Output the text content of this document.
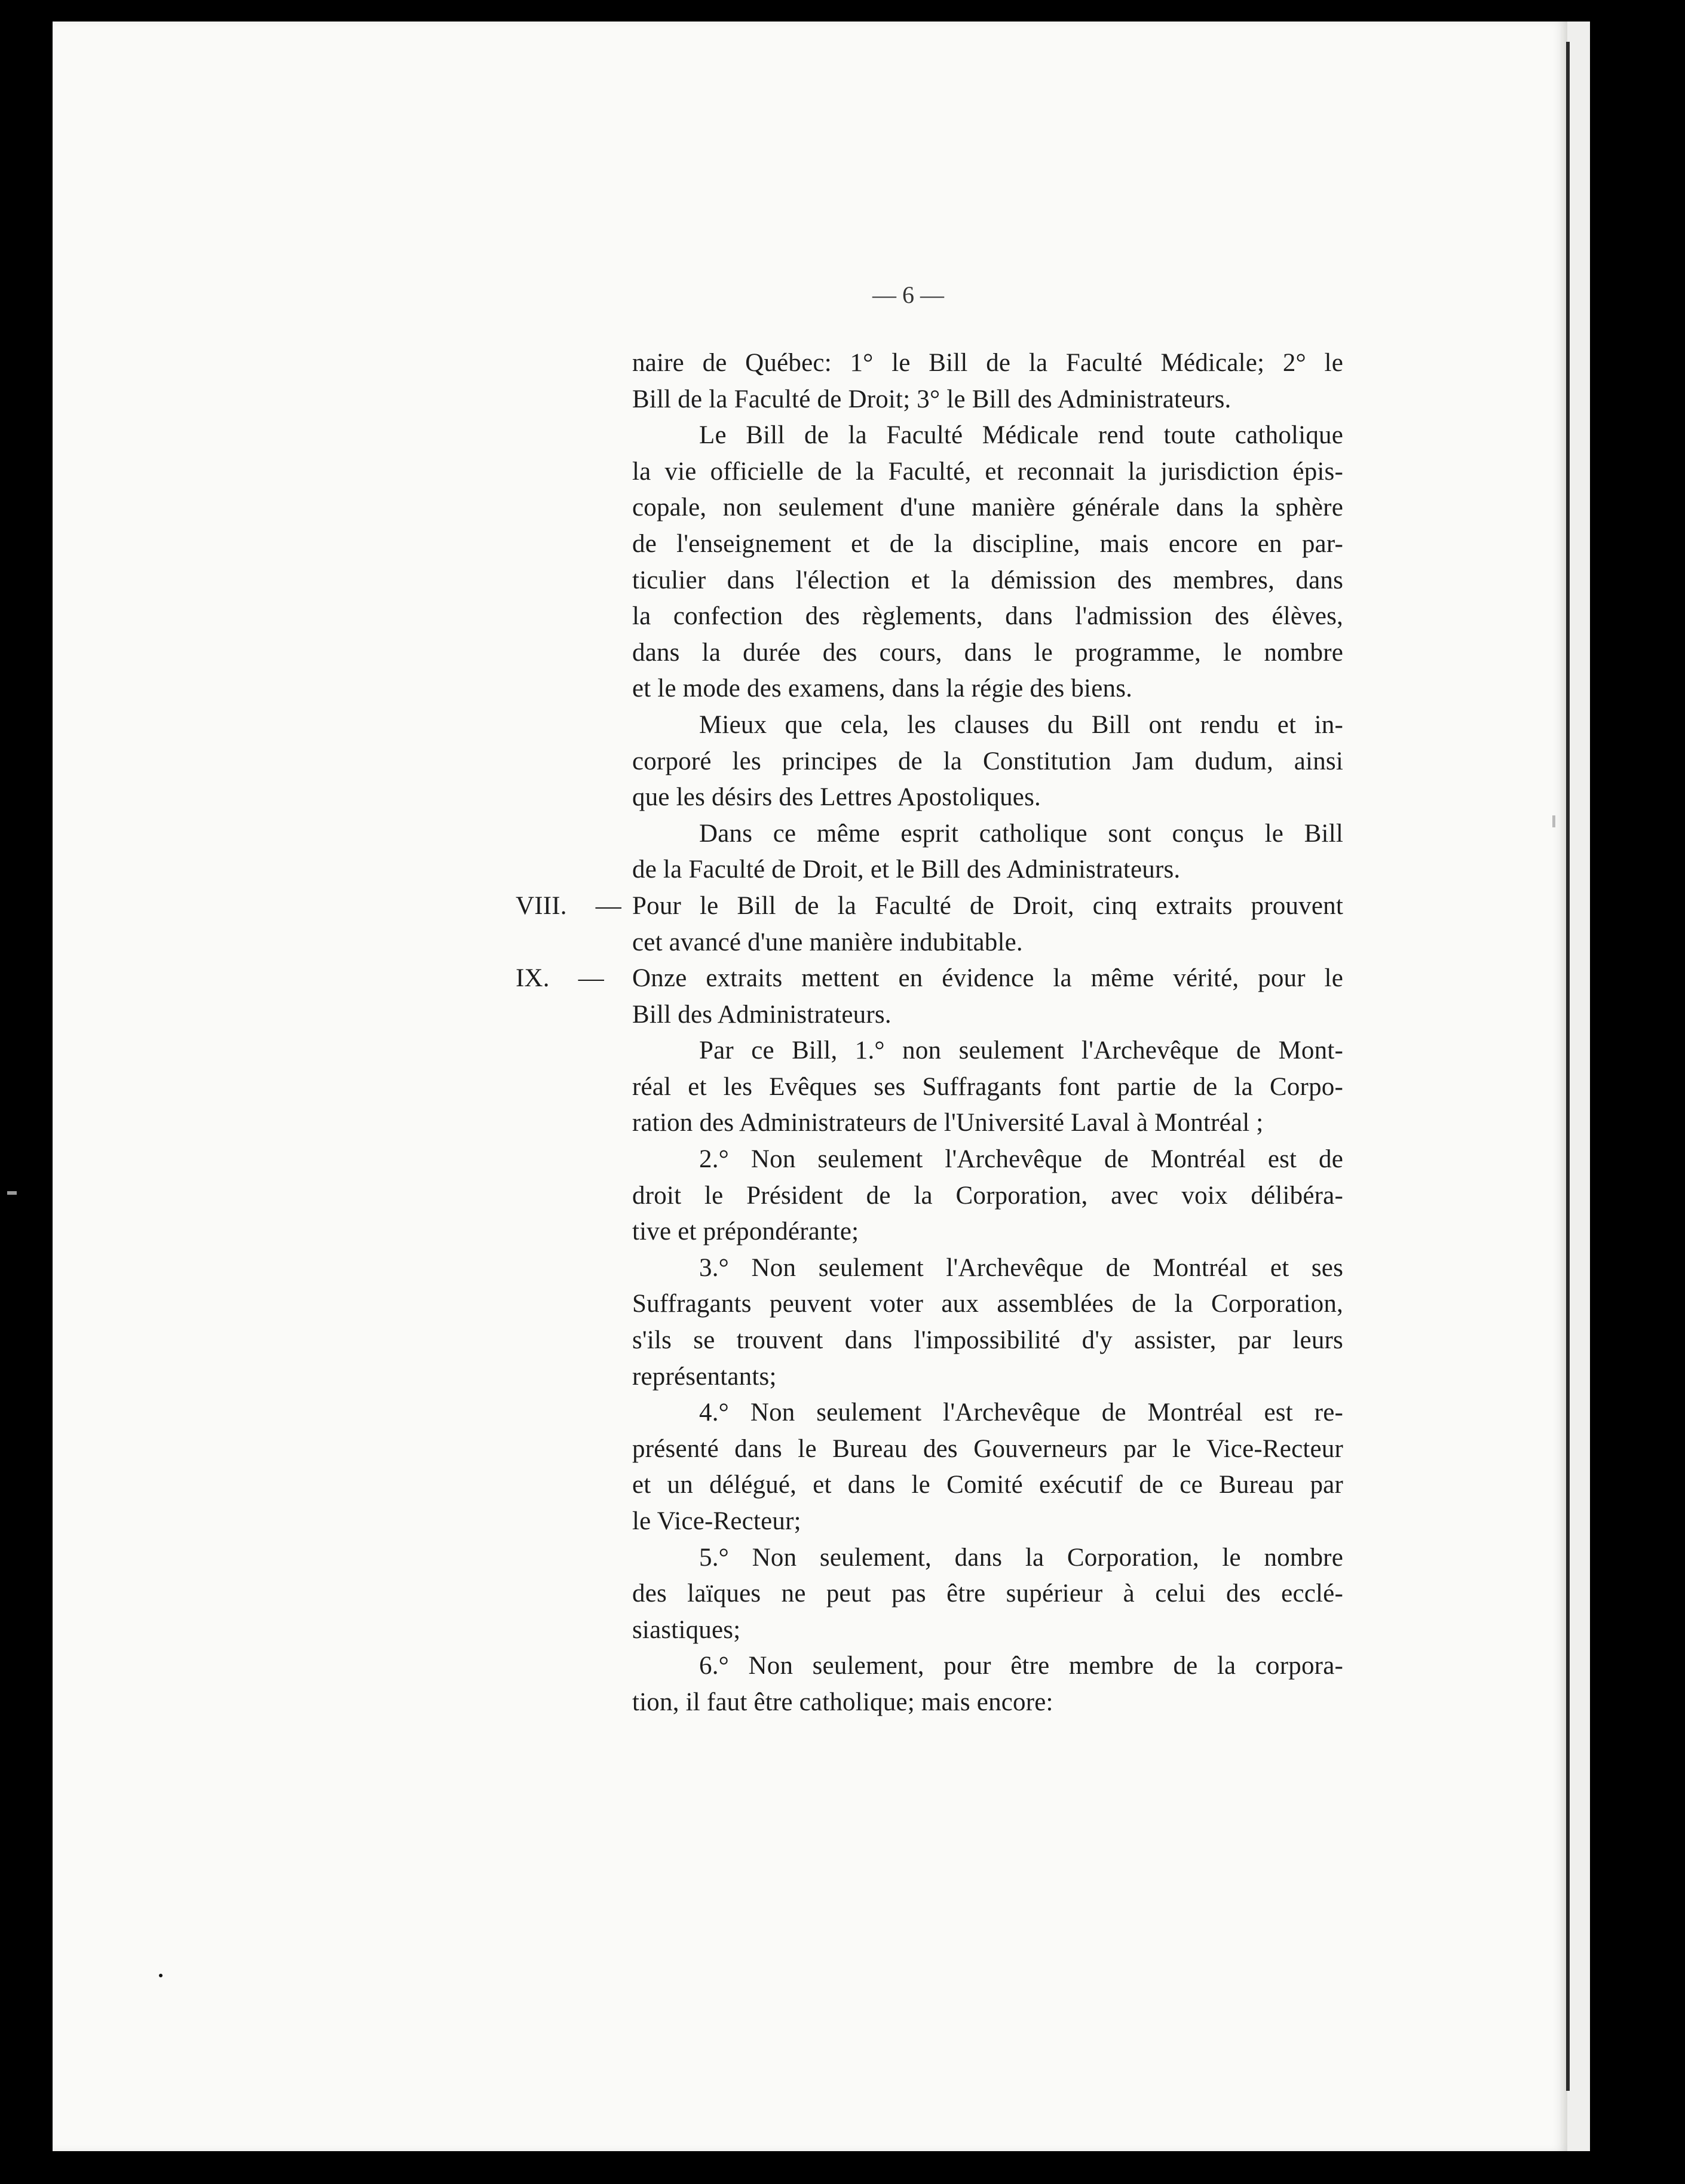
— 6 —
naire de Québec: 1° le Bill de la Faculté Médicale; 2° le
Bill de la Faculté de Droit; 3° le Bill des Administrateurs.
Le Bill de la Faculté Médicale rend toute catholique
la vie officielle de la Faculté, et reconnait la jurisdiction épis-
copale, non seulement d'une manière générale dans la sphère
de l'enseignement et de la discipline, mais encore en par-
ticulier dans l'élection et la démission des membres, dans
la confection des règlements, dans l'admission des élèves,
dans la durée des cours, dans le programme, le nombre
et le mode des examens, dans la régie des biens.
Mieux que cela, les clauses du Bill ont rendu et in-
corporé les principes de la Constitution Jam dudum, ainsi
que les désirs des Lettres Apostoliques.
Dans ce même esprit catholique sont conçus le Bill
de la Faculté de Droit, et le Bill des Administrateurs.
VIII. — Pour le Bill de la Faculté de Droit, cinq extraits prouvent
cet avancé d'une manière indubitable.
IX. — Onze extraits mettent en évidence la même vérité, pour le
Bill des Administrateurs.
Par ce Bill, 1.° non seulement l'Archevêque de Mont-
réal et les Evêques ses Suffragants font partie de la Corpo-
ration des Administrateurs de l'Université Laval à Montréal ;
2.° Non seulement l'Archevêque de Montréal est de
droit le Président de la Corporation, avec voix délibéra-
tive et prépondérante;
3.° Non seulement l'Archevêque de Montréal et ses
Suffragants peuvent voter aux assemblées de la Corporation,
s'ils se trouvent dans l'impossibilité d'y assister, par leurs
représentants;
4.° Non seulement l'Archevêque de Montréal est re-
présenté dans le Bureau des Gouverneurs par le Vice-Recteur
et un délégué, et dans le Comité exécutif de ce Bureau par
le Vice-Recteur;
5.° Non seulement, dans la Corporation, le nombre
des laïques ne peut pas être supérieur à celui des ecclé-
siastiques;
6.° Non seulement, pour être membre de la corpora-
tion, il faut être catholique; mais encore:
